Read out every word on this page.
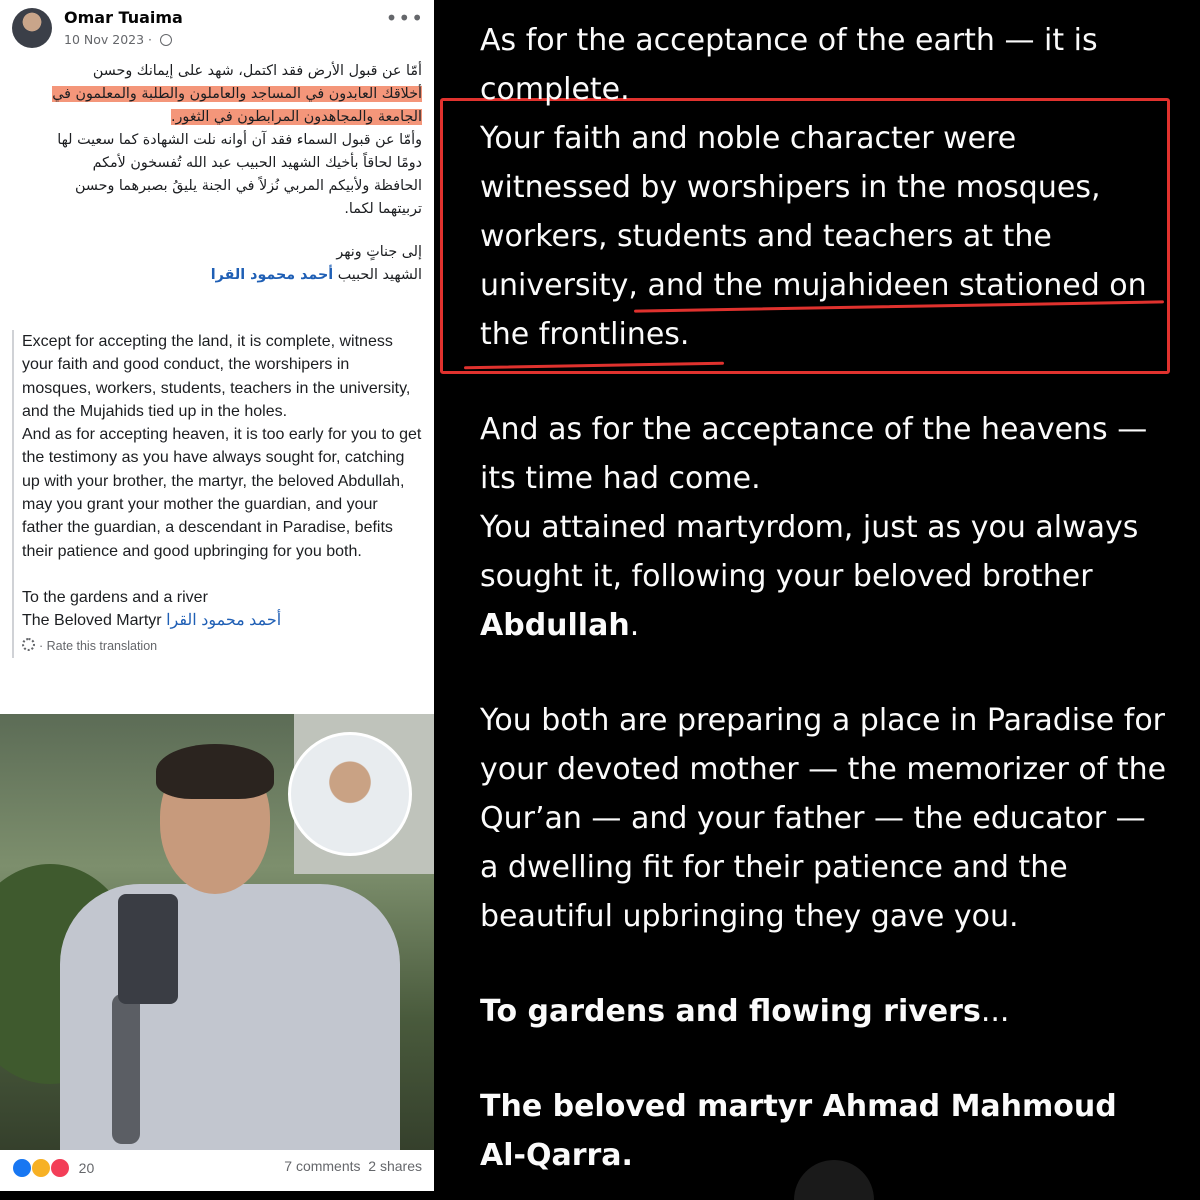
Omar Tuaima
10 Nov 2023 ·
•••

أمّا عن قبول الأرض فقد اكتمل، شهد على إيمانك وحسن

أخلاقك العابدون في المساجد والعاملون والطلبة والمعلمون في

الجامعة والمجاهدون المرابطون في الثغور.

وأمّا عن قبول السماء فقد آن أوانه نلت الشهادة كما سعيت لها

دومًا لحاقاً بأخيك الشهيد الحبيب عبد الله تُفسخون لأمكم

الحافظة ولأبيكم المربي نُزلاً في الجنة يليقُ بصبرهما وحسن

تربيتهما لكما.

إلى جناتٍ ونهر

الشهيد الحبيب أحمد محمود القرا

Except for accepting the land, it is complete, witness your faith and good conduct, the worshipers in mosques, workers, students, teachers in the university, and the Mujahids tied up in the holes.

And as for accepting heaven, it is too early for you to get the testimony as you have always sought for, catching up with your brother, the martyr, the beloved Abdullah, may you grant your mother the guardian, and your father the guardian, a descendant in Paradise, befits their patience and good upbringing for you both.

To the gardens and a river

The Beloved Martyr أحمد محمود القرا

· Rate this translation
20	7 comments 2 shares

As for the acceptance of the earth — it is complete.

Your faith and noble character were witnessed by worshipers in the mosques, workers, students and teachers at the university, and the mujahideen stationed on the frontlines.

And as for the acceptance of the heavens — its time had come.

You attained martyrdom, just as you always sought it, following your beloved brother Abdullah.

You both are preparing a place in Paradise for your devoted mother — the memorizer of the Qur’an — and your father — the educator — a dwelling fit for their patience and the beautiful upbringing they gave you.

To gardens and flowing rivers...

The beloved martyr Ahmad Mahmoud Al-Qarra.
